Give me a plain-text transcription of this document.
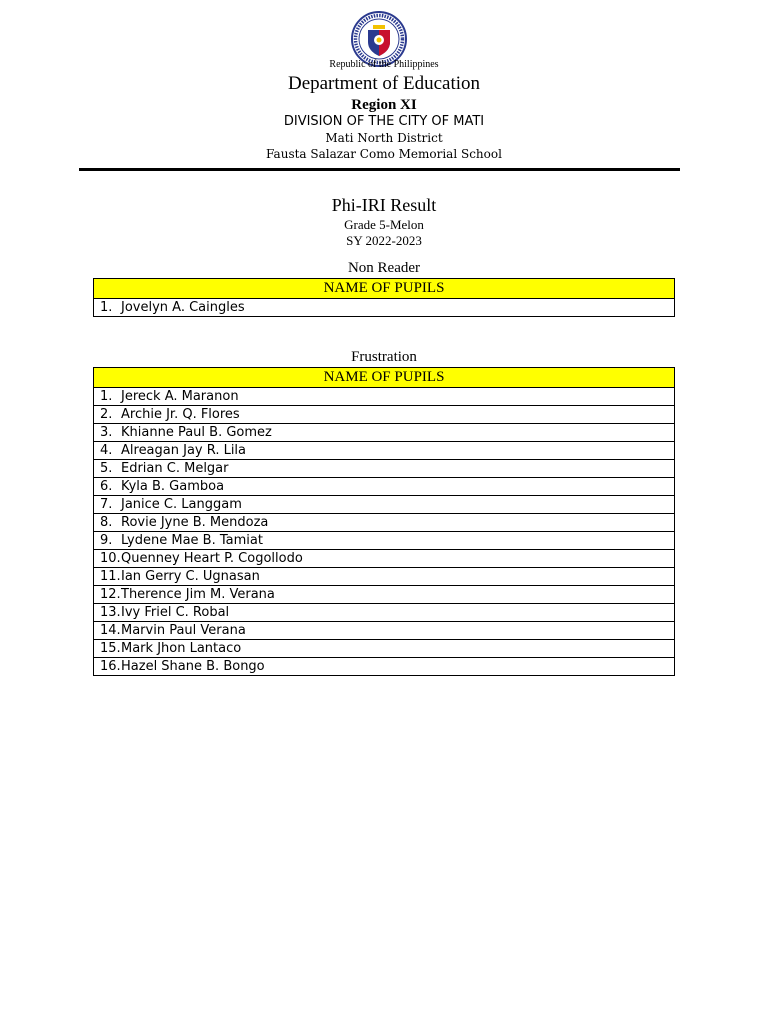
Republic of the Philippines
Department of Education
Region XI
DIVISION OF THE CITY OF MATI
Mati North District
Fausta Salazar Como Memorial School
Phi-IRI Result
Grade 5-Melon
SY 2022-2023
Non Reader
NAME OF PUPILS
1. Jovelyn A. Caingles
Frustration
NAME OF PUPILS
1. Jereck A. Maranon
2. Archie Jr. Q. Flores
3. Khianne Paul B. Gomez
4. Alreagan Jay R. Lila
5. Edrian C. Melgar
6. Kyla B. Gamboa
7. Janice C. Langgam
8. Rovie Jyne B. Mendoza
9. Lydene Mae B. Tamiat
10.Quenney Heart P. Cogollodo
11.Ian Gerry C. Ugnasan
12.Therence Jim M. Verana
13.Ivy Friel C. Robal
14.Marvin Paul Verana
15.Mark Jhon Lantaco
16.Hazel Shane B. Bongo
